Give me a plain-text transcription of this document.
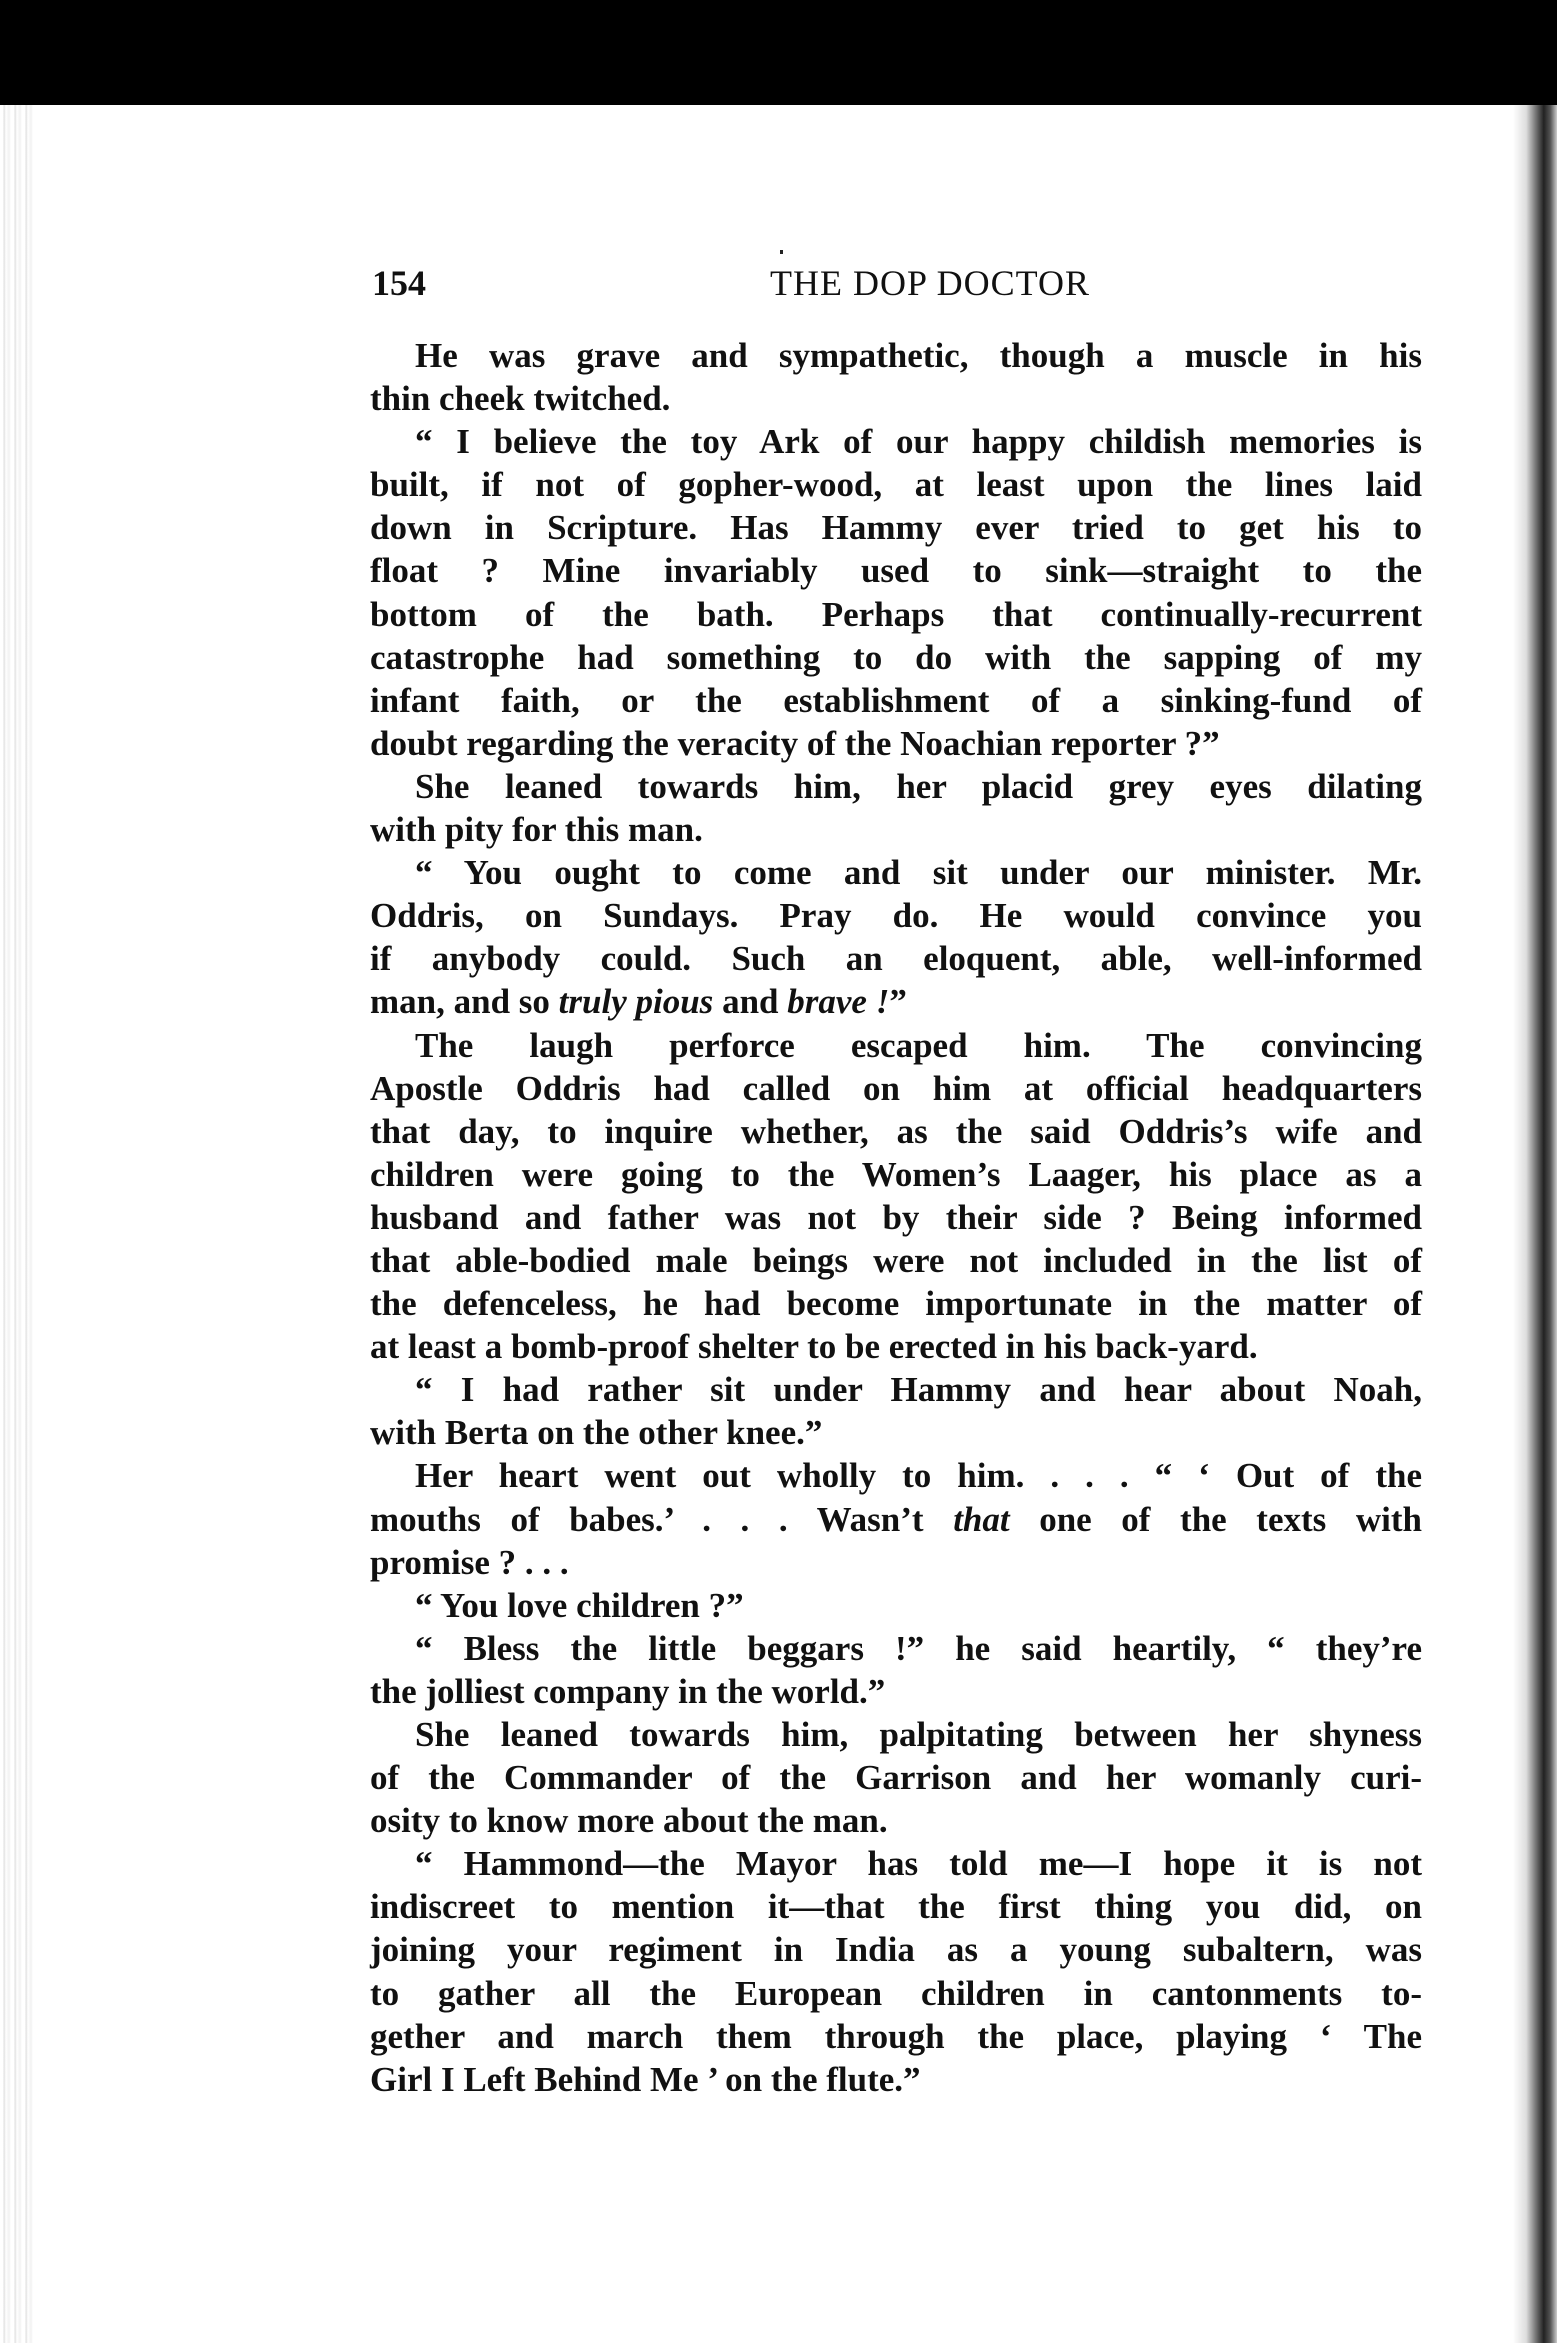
154	THE DOP DOCTOR
He was grave and sympathetic, though a muscle in his
thin cheek twitched.
“ I believe the toy Ark of our happy childish memories is
built, if not of gopher-wood, at least upon the lines laid
down in Scripture. Has Hammy ever tried to get his to
float ? Mine invariably used to sink—straight to the
bottom of the bath. Perhaps that continually-recurrent
catastrophe had something to do with the sapping of my
infant faith, or the establishment of a sinking-fund of
doubt regarding the veracity of the Noachian reporter ?”
She leaned towards him, her placid grey eyes dilating
with pity for this man.
“ You ought to come and sit under our minister. Mr.
Oddris, on Sundays. Pray do. He would convince you
if anybody could. Such an eloquent, able, well-informed
man, and so truly pious and brave !”
The laugh perforce escaped him. The convincing
Apostle Oddris had called on him at official headquarters
that day, to inquire whether, as the said Oddris’s wife and
children were going to the Women’s Laager, his place as a
husband and father was not by their side ? Being informed
that able-bodied male beings were not included in the list of
the defenceless, he had become importunate in the matter of
at least a bomb-proof shelter to be erected in his back-yard.
“ I had rather sit under Hammy and hear about Noah,
with Berta on the other knee.”
Her heart went out wholly to him. . . . “ ‘ Out of the
mouths of babes.’ . . . Wasn’t that one of the texts with
promise ? . . .
“ You love children ?”
“ Bless the little beggars !” he said heartily, “ they’re
the jolliest company in the world.”
She leaned towards him, palpitating between her shyness
of the Commander of the Garrison and her womanly curi-
osity to know more about the man.
“ Hammond—the Mayor has told me—I hope it is not
indiscreet to mention it—that the first thing you did, on
joining your regiment in India as a young subaltern, was
to gather all the European children in cantonments to-
gether and march them through the place, playing ‘ The
Girl I Left Behind Me ’ on the flute.”
